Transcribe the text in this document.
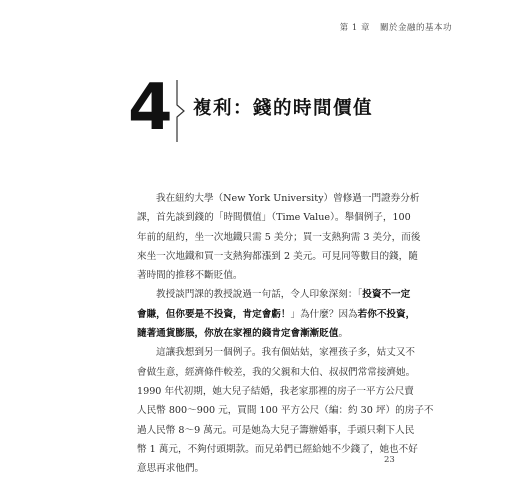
第 1 章 關於金融的基本功
4 複利：錢的時間價值
我在紐約大學（New York University）曾修過一門證券分析
課，首先談到錢的「時間價值」（Time Value）。舉個例子，100
年前的紐約，坐一次地鐵只需 5 美分；買一支熱狗需 3 美分，而後
來坐一次地鐵和買一支熱狗都漲到 2 美元。可見同等數目的錢，隨
著時間的推移不斷貶值。
教授談門課的教授說過一句話，令人印象深刻：「投資不一定
會賺，但你要是不投資，肯定會虧！」為什麼？因為若你不投資，
隨著通貨膨脹，你放在家裡的錢肯定會漸漸貶值。
這讓我想到另一個例子。我有個姑姑，家裡孩子多，姑丈又不
會做生意，經濟條件較差，我的父親和大伯、叔叔們常常接濟她。
1990 年代初期，她大兒子結婚，我老家那裡的房子一平方公尺賣
人民幣 800～900 元，買間 100 平方公尺（編：約 30 坪）的房子不
過人民幣 8～9 萬元。可是她為大兒子籌辦婚事，手頭只剩下人民
幣 1 萬元，不夠付頭期款。而兄弟們已經給她不少錢了，她也不好
意思再求他們。
23
